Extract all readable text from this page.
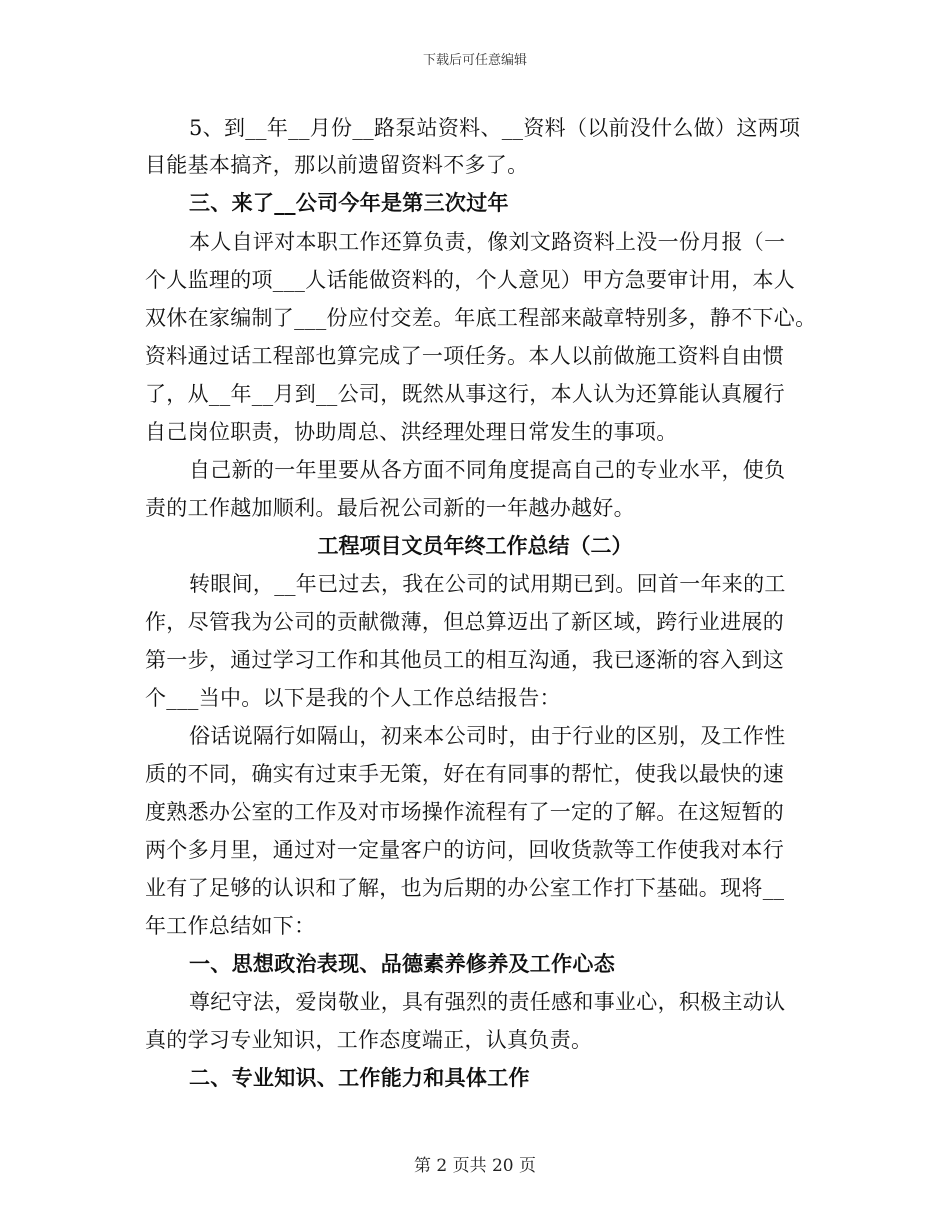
下载后可任意编辑
5、到__年__月份__路泵站资料、__资料（以前没什么做）这两项
目能基本搞齐，那以前遗留资料不多了。
三、来了__公司今年是第三次过年
本人自评对本职工作还算负责，像刘文路资料上没一份月报（一
个人监理的项___人话能做资料的，个人意见）甲方急要审计用，本人
双休在家编制了___份应付交差。年底工程部来敲章特别多，静不下心。
资料通过话工程部也算完成了一项任务。本人以前做施工资料自由惯
了，从__年__月到__公司，既然从事这行，本人认为还算能认真履行
自己岗位职责，协助周总、洪经理处理日常发生的事项。
自己新的一年里要从各方面不同角度提高自己的专业水平，使负
责的工作越加顺利。最后祝公司新的一年越办越好。
工程项目文员年终工作总结（二）
转眼间，__年已过去，我在公司的试用期已到。回首一年来的工
作，尽管我为公司的贡献微薄，但总算迈出了新区域，跨行业进展的
第一步，通过学习工作和其他员工的相互沟通，我已逐渐的容入到这
个___当中。以下是我的个人工作总结报告：
俗话说隔行如隔山，初来本公司时，由于行业的区别，及工作性
质的不同，确实有过束手无策，好在有同事的帮忙，使我以最快的速
度熟悉办公室的工作及对市场操作流程有了一定的了解。在这短暂的
两个多月里，通过对一定量客户的访问，回收货款等工作使我对本行
业有了足够的认识和了解，也为后期的办公室工作打下基础。现将__
年工作总结如下：
一、思想政治表现、品德素养修养及工作心态
尊纪守法，爱岗敬业，具有强烈的责任感和事业心，积极主动认
真的学习专业知识，工作态度端正，认真负责。
二、专业知识、工作能力和具体工作
第 2 页共 20 页
